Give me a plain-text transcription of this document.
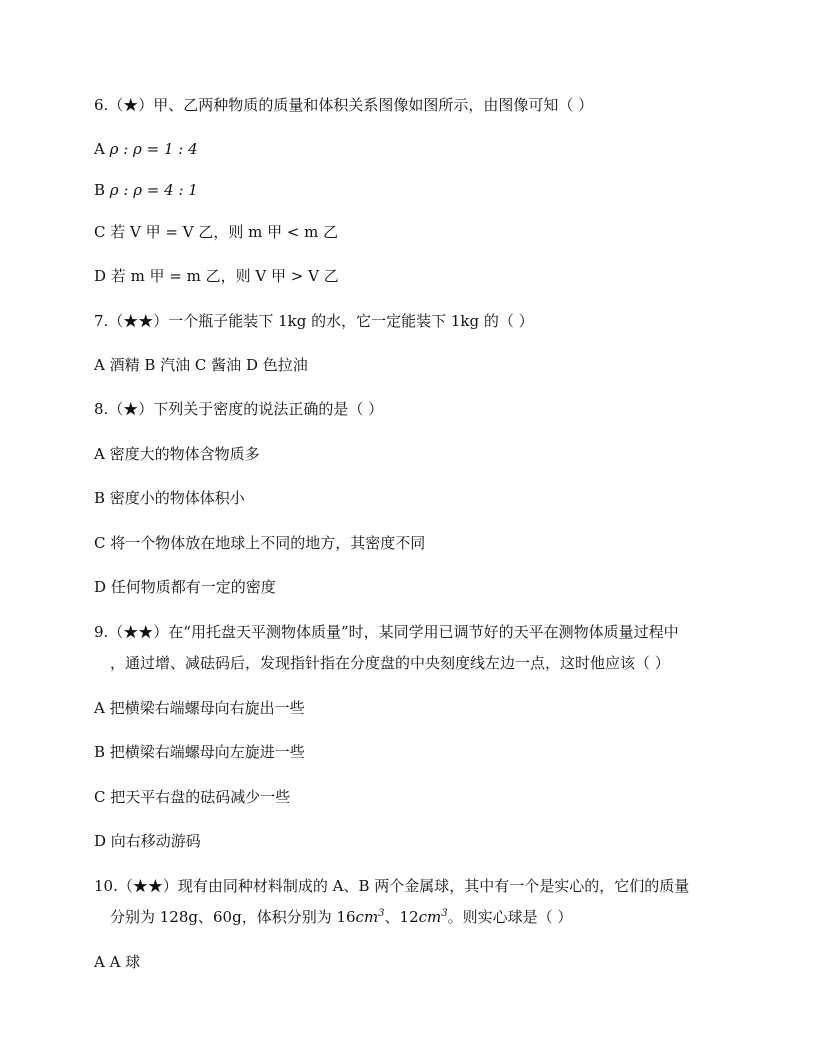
6.（★）甲、乙两种物质的质量和体积关系图像如图所示，由图像可知（ ）
A ρ : ρ = 1 : 4
B ρ : ρ = 4 : 1
C 若 V 甲 = V 乙，则 m 甲 < m 乙
D 若 m 甲 = m 乙，则 V 甲 > V 乙
7.（★★）一个瓶子能装下 1kg 的水，它一定能装下 1kg 的（ ）
A 酒精 B 汽油 C 酱油 D 色拉油
8.（★）下列关于密度的说法正确的是（ ）
A 密度大的物体含物质多
B 密度小的物体体积小
C 将一个物体放在地球上不同的地方，其密度不同
D 任何物质都有一定的密度
9.（★★）在“用托盘天平测物体质量”时，某同学用已调节好的天平在测物体质量过程中
，通过增、减砝码后，发现指针指在分度盘的中央刻度线左边一点，这时他应该（ ）
A 把横梁右端螺母向右旋出一些
B 把横梁右端螺母向左旋进一些
C 把天平右盘的砝码减少一些
D 向右移动游码
10.（★★）现有由同种材料制成的 A、B 两个金属球，其中有一个是实心的，它们的质量
分别为 128g、60g，体积分别为 $16cm^3$、$12cm^3$。则实心球是（ ）
A A 球
